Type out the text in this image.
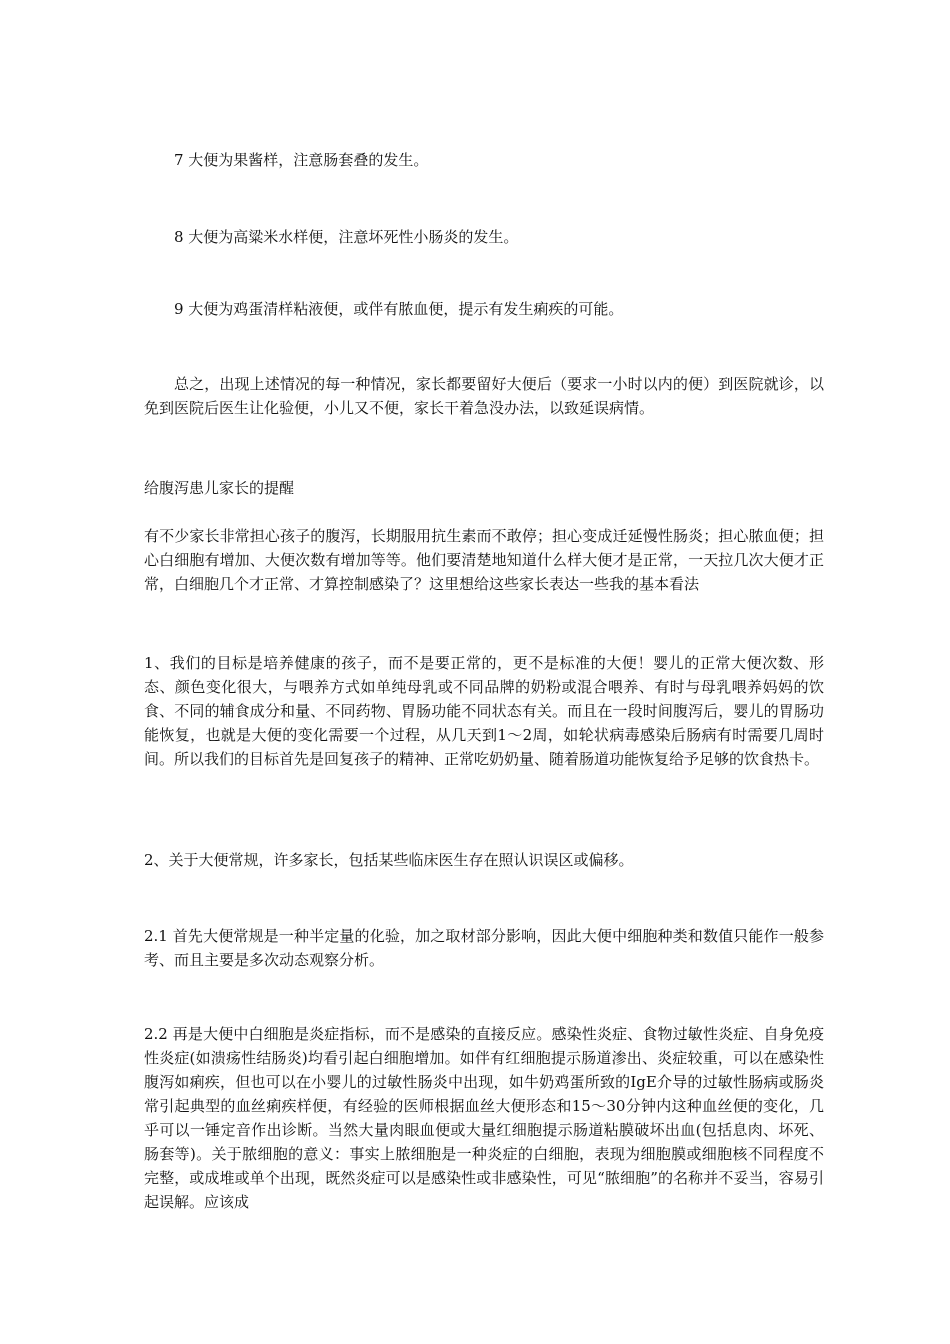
7 大便为果酱样，注意肠套叠的发生。

8 大便为高粱米水样便，注意坏死性小肠炎的发生。

9 大便为鸡蛋清样粘液便，或伴有脓血便，提示有发生痢疾的可能。

总之，出现上述情况的每一种情况，家长都要留好大便后（要求一小时以内的便）到医院就诊，以免到医院后医生让化验便，小儿又不便，家长干着急没办法，以致延误病情。

给腹泻患儿家长的提醒

有不少家长非常担心孩子的腹泻，长期服用抗生素而不敢停；担心变成迁延慢性肠炎；担心脓血便；担心白细胞有增加、大便次数有增加等等。他们要清楚地知道什么样大便才是正常，一天拉几次大便才正常，白细胞几个才正常、才算控制感染了？这里想给这些家长表达一些我的基本看法

1、我们的目标是培养健康的孩子，而不是要正常的，更不是标准的大便！婴儿的正常大便次数、形态、颜色变化很大，与喂养方式如单纯母乳或不同品牌的奶粉或混合喂养、有时与母乳喂养妈妈的饮食、不同的辅食成分和量、不同药物、胃肠功能不同状态有关。而且在一段时间腹泻后，婴儿的胃肠功能恢复，也就是大便的变化需要一个过程，从几天到1～2周，如轮状病毒感染后肠病有时需要几周时间。所以我们的目标首先是回复孩子的精神、正常吃奶奶量、随着肠道功能恢复给予足够的饮食热卡。

2、关于大便常规，许多家长，包括某些临床医生存在照认识误区或偏移。

2.1 首先大便常规是一种半定量的化验，加之取材部分影响，因此大便中细胞种类和数值只能作一般参考、而且主要是多次动态观察分析。

2.2 再是大便中白细胞是炎症指标，而不是感染的直接反应。感染性炎症、食物过敏性炎症、自身免疫性炎症(如溃疡性结肠炎)均看引起白细胞增加。如伴有红细胞提示肠道渗出、炎症较重，可以在感染性腹泻如痢疾，但也可以在小婴儿的过敏性肠炎中出现，如牛奶鸡蛋所致的IgE介导的过敏性肠病或肠炎常引起典型的血丝痢疾样便，有经验的医师根据血丝大便形态和15～30分钟内这种血丝便的变化，几乎可以一锤定音作出诊断。当然大量肉眼血便或大量红细胞提示肠道粘膜破坏出血(包括息肉、坏死、肠套等)。关于脓细胞的意义：事实上脓细胞是一种炎症的白细胞，表现为细胞膜或细胞核不同程度不完整，或成堆或单个出现，既然炎症可以是感染性或非感染性，可见“脓细胞”的名称并不妥当，容易引起误解。应该成
